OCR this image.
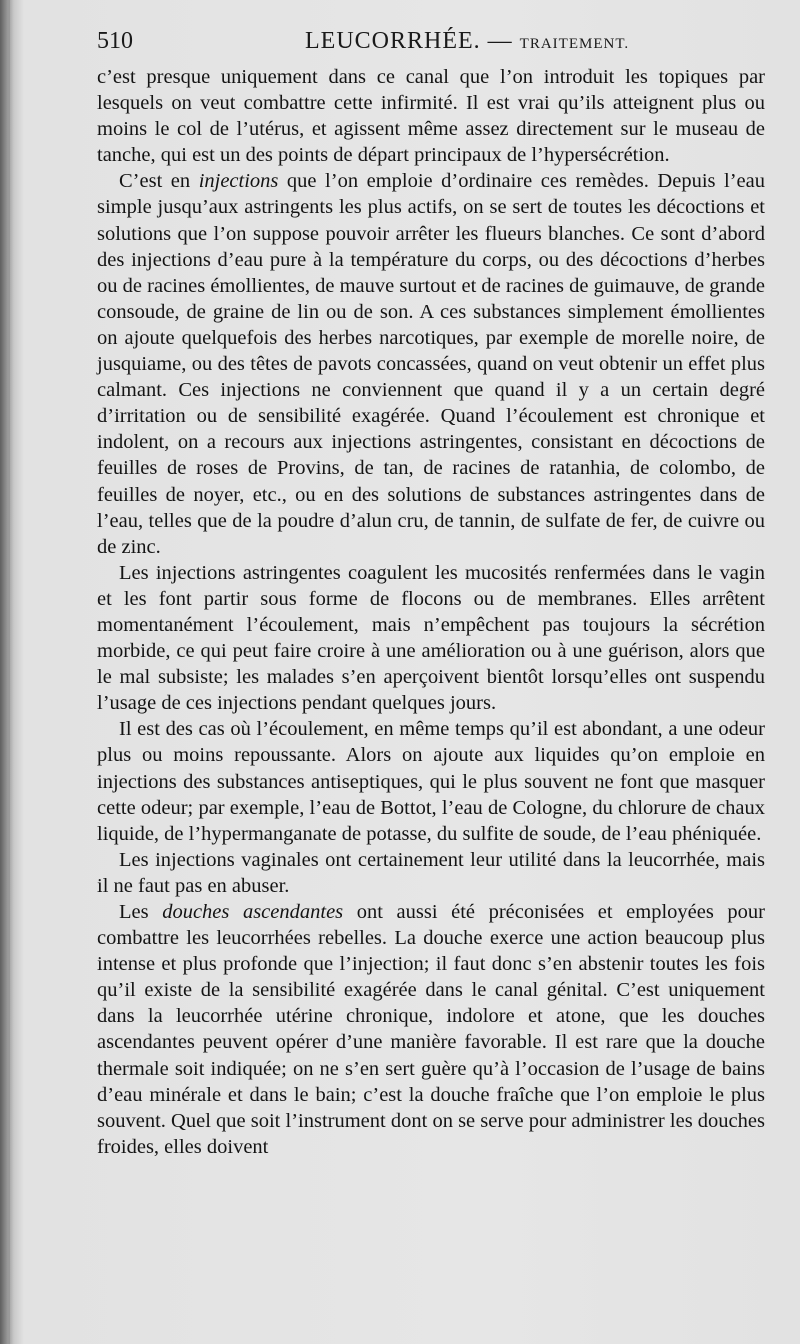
510	LEUCORRHÉE. — TRAITEMENT.

c’est presque uniquement dans ce canal que l’on introduit les topiques par lesquels on veut combattre cette infirmité. Il est vrai qu’ils atteignent plus ou moins le col de l’utérus, et agissent même assez directement sur le museau de tanche, qui est un des points de départ principaux de l’hypersécrétion.

C’est en injections que l’on emploie d’ordinaire ces remèdes. Depuis l’eau simple jusqu’aux astringents les plus actifs, on se sert de toutes les décoctions et solutions que l’on suppose pouvoir arrêter les flueurs blanches. Ce sont d’abord des injections d’eau pure à la température du corps, ou des décoctions d’herbes ou de racines émollientes, de mauve surtout et de racines de guimauve, de grande consoude, de graine de lin ou de son. A ces substances simplement émollientes on ajoute quelquefois des herbes narcotiques, par exemple de morelle noire, de jusquiame, ou des têtes de pavots concassées, quand on veut obtenir un effet plus calmant. Ces injections ne conviennent que quand il y a un certain degré d’irritation ou de sensibilité exagérée. Quand l’écoulement est chronique et indolent, on a recours aux injections astringentes, consistant en décoctions de feuilles de roses de Provins, de tan, de racines de ratanhia, de colombo, de feuilles de noyer, etc., ou en des solutions de substances astringentes dans de l’eau, telles que de la poudre d’alun cru, de tannin, de sulfate de fer, de cuivre ou de zinc.

Les injections astringentes coagulent les mucosités renfermées dans le vagin et les font partir sous forme de flocons ou de membranes. Elles arrêtent momentanément l’écoulement, mais n’empêchent pas toujours la sécrétion morbide, ce qui peut faire croire à une amélioration ou à une guérison, alors que le mal subsiste; les malades s’en aperçoivent bientôt lorsqu’elles ont suspendu l’usage de ces injections pendant quelques jours.

Il est des cas où l’écoulement, en même temps qu’il est abondant, a une odeur plus ou moins repoussante. Alors on ajoute aux liquides qu’on emploie en injections des substances antiseptiques, qui le plus souvent ne font que masquer cette odeur; par exemple, l’eau de Bottot, l’eau de Cologne, du chlorure de chaux liquide, de l’hypermanganate de potasse, du sulfite de soude, de l’eau phéniquée.

Les injections vaginales ont certainement leur utilité dans la leucorrhée, mais il ne faut pas en abuser.

Les douches ascendantes ont aussi été préconisées et employées pour combattre les leucorrhées rebelles. La douche exerce une action beaucoup plus intense et plus profonde que l’injection; il faut donc s’en abstenir toutes les fois qu’il existe de la sensibilité exagérée dans le canal génital. C’est uniquement dans la leucorrhée utérine chronique, indolore et atone, que les douches ascendantes peuvent opérer d’une manière favorable. Il est rare que la douche thermale soit indiquée; on ne s’en sert guère qu’à l’occasion de l’usage de bains d’eau minérale et dans le bain; c’est la douche fraîche que l’on emploie le plus souvent. Quel que soit l’instrument dont on se serve pour administrer les douches froides, elles doivent
